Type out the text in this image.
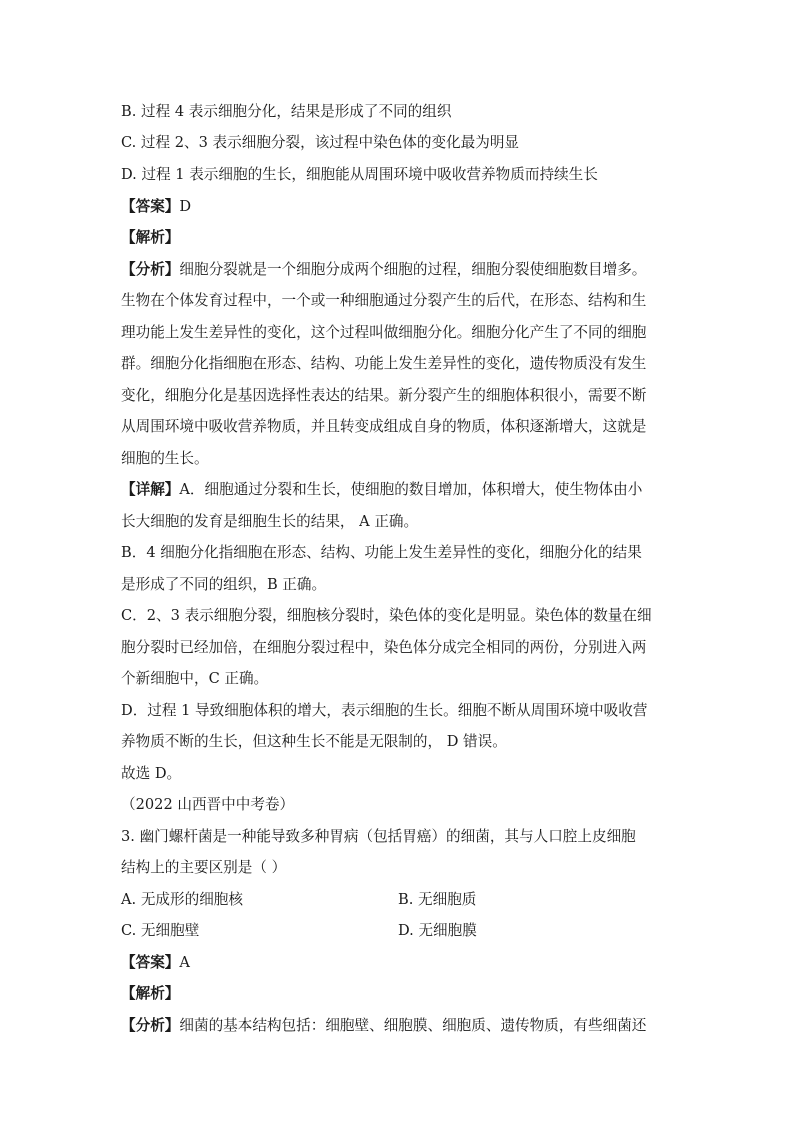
B. 过程 4 表示细胞分化，结果是形成了不同的组织
C. 过程 2、3 表示细胞分裂，该过程中染色体的变化最为明显
D. 过程 1 表示细胞的生长，细胞能从周围环境中吸收营养物质而持续生长
【答案】D
【解析】
【分析】细胞分裂就是一个细胞分成两个细胞的过程，细胞分裂使细胞数目增多。
生物在个体发育过程中，一个或一种细胞通过分裂产生的后代，在形态、结构和生
理功能上发生差异性的变化，这个过程叫做细胞分化。细胞分化产生了不同的细胞
群。细胞分化指细胞在形态、结构、功能上发生差异性的变化，遗传物质没有发生
变化，细胞分化是基因选择性表达的结果。新分裂产生的细胞体积很小，需要不断
从周围环境中吸收营养物质，并且转变成组成自身的物质，体积逐渐增大，这就是
细胞的生长。
【详解】A．细胞通过分裂和生长，使细胞的数目增加，体积增大，使生物体由小
长大细胞的发育是细胞生长的结果， A 正确。
B．4 细胞分化指细胞在形态、结构、功能上发生差异性的变化，细胞分化的结果
是形成了不同的组织，B 正确。
C．2、3 表示细胞分裂，细胞核分裂时，染色体的变化是明显。染色体的数量在细
胞分裂时已经加倍，在细胞分裂过程中，染色体分成完全相同的两份，分别进入两
个新细胞中，C 正确。
D．过程 1 导致细胞体积的增大，表示细胞的生长。细胞不断从周围环境中吸收营
养物质不断的生长，但这种生长不能是无限制的， D 错误。
故选 D。
（2022 山西晋中中考卷）
3. 幽门螺杆菌是一种能导致多种胃病（包括胃癌）的细菌，其与人口腔上皮细胞
结构上的主要区别是（ ）
A. 无成形的细胞核	B. 无细胞质
C. 无细胞壁	D. 无细胞膜
【答案】A
【解析】
【分析】细菌的基本结构包括：细胞壁、细胞膜、细胞质、遗传物质，有些细菌还
